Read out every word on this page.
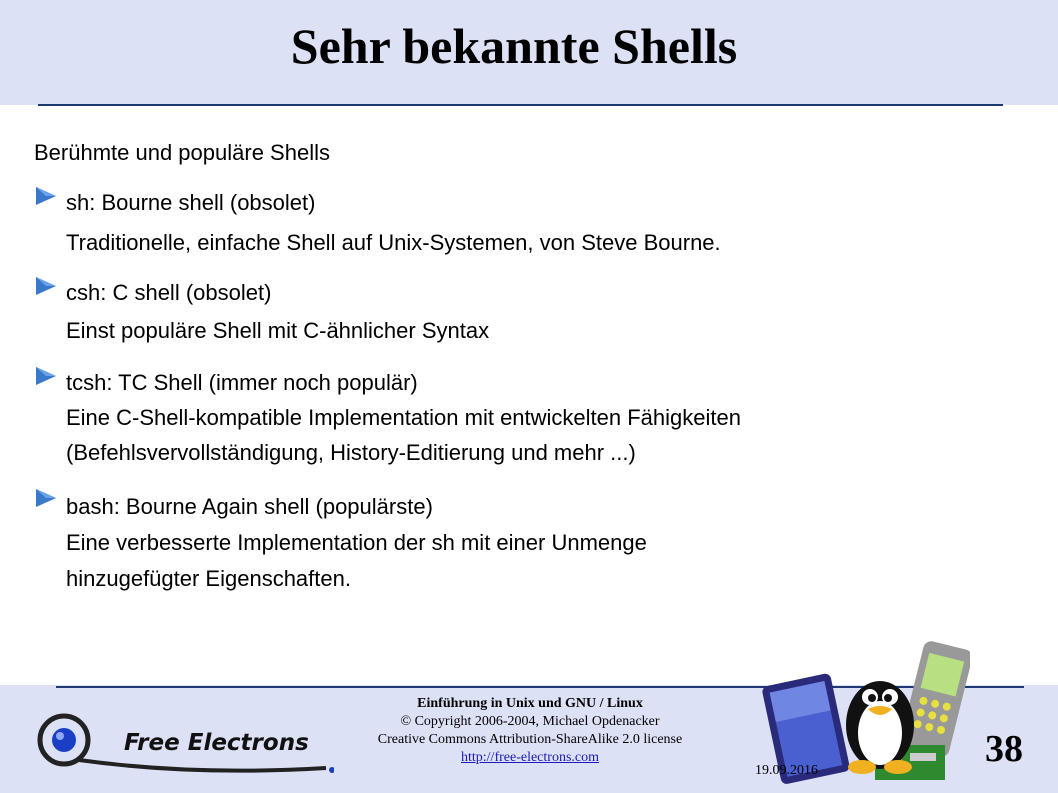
Sehr bekannte Shells
Berühmte und populäre Shells
sh: Bourne shell (obsolet)
Traditionelle, einfache Shell auf Unix-Systemen, von Steve Bourne.
csh: C shell (obsolet)
Einst populäre Shell mit C-ähnlicher Syntax
tcsh: TC Shell (immer noch populär)
Eine C-Shell-kompatible Implementation mit entwickelten Fähigkeiten
(Befehlsvervollständigung, History-Editierung und mehr ...)
bash: Bourne Again shell (populärste)
Eine verbesserte Implementation der sh mit einer Unmenge
hinzugefügter Eigenschaften.
Free Electrons
Einführung in Unix und GNU / Linux
© Copyright 2006-2004, Michael Opdenacker
Creative Commons Attribution-ShareAlike 2.0 license
http://free-electrons.com
19.09.2016
38
